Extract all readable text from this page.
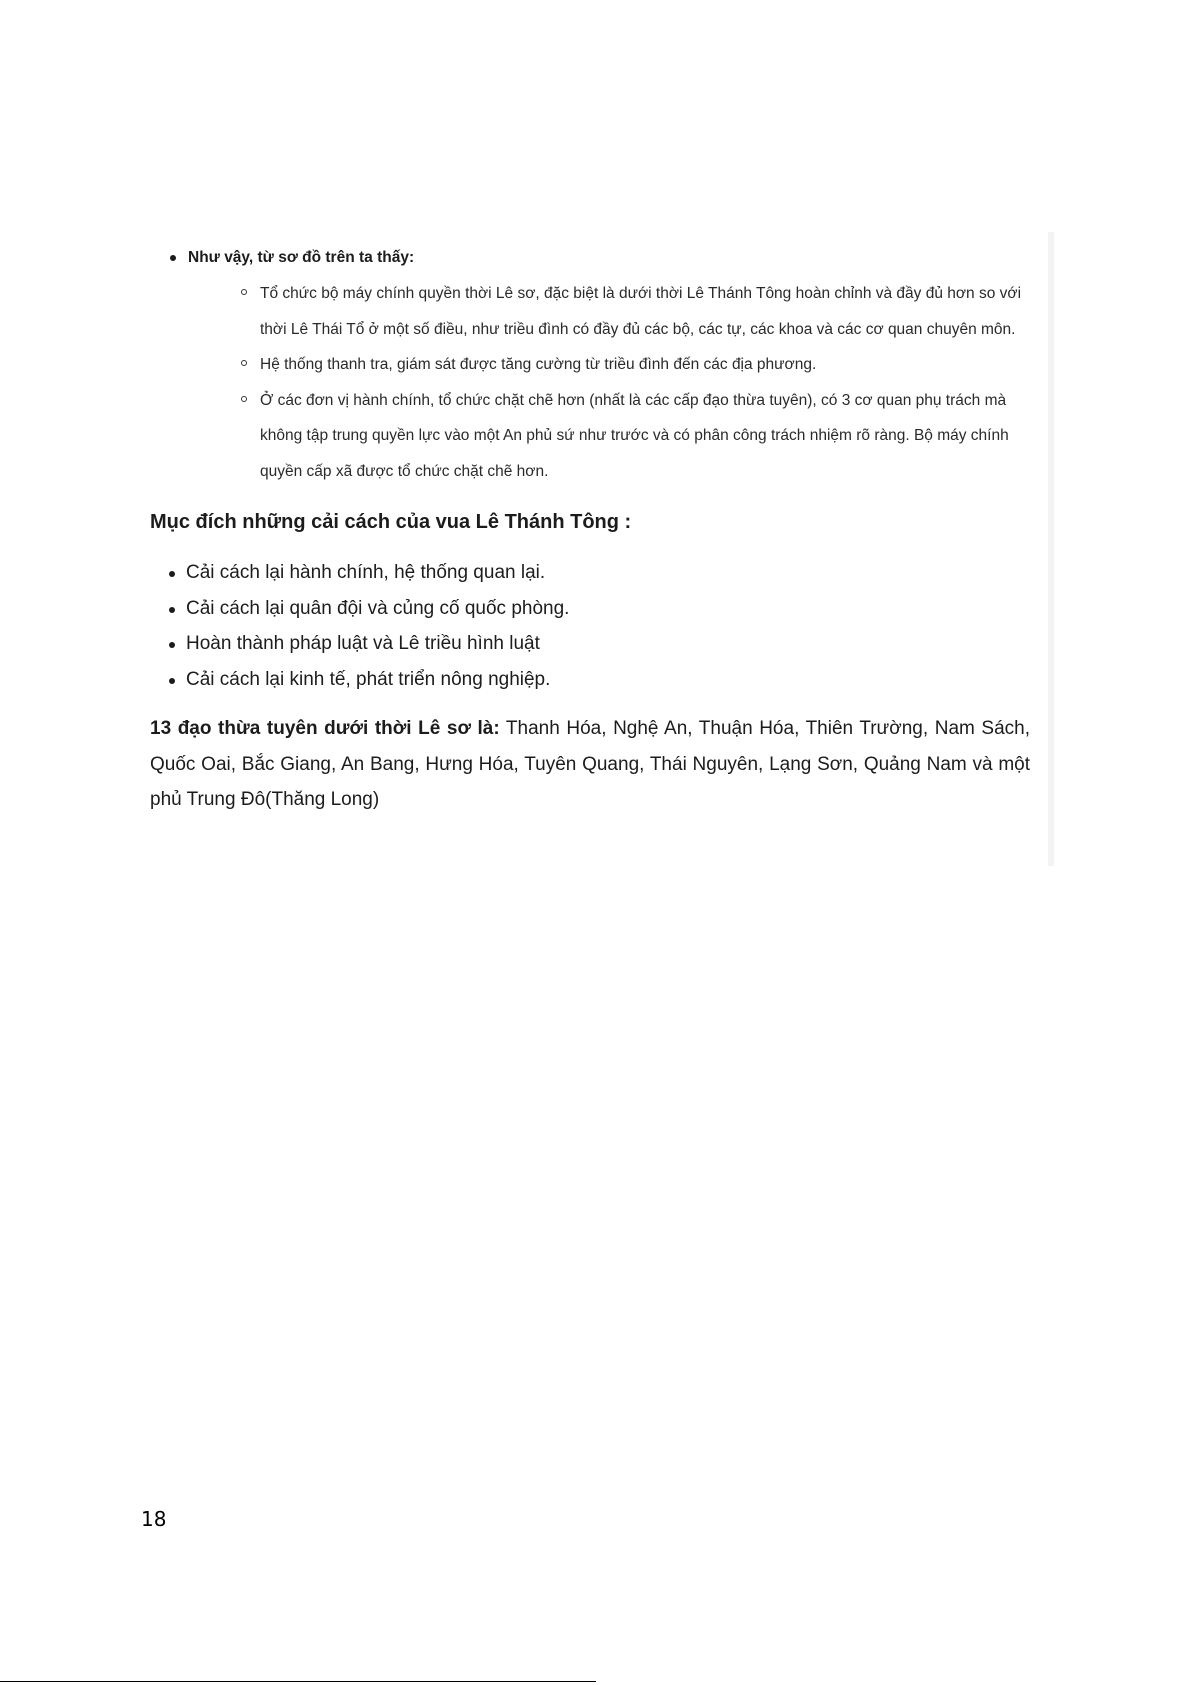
Như vậy, từ sơ đồ trên ta thấy:
Tổ chức bộ máy chính quyền thời Lê sơ, đặc biệt là dưới thời Lê Thánh Tông hoàn chỉnh và đầy đủ hơn so với thời Lê Thái Tổ ở một số điều, như triều đình có đầy đủ các bộ, các tự, các khoa và các cơ quan chuyên môn.
Hệ thống thanh tra, giám sát được tăng cường từ triều đình đến các địa phương.
Ở các đơn vị hành chính, tổ chức chặt chẽ hơn (nhất là các cấp đạo thừa tuyên), có 3 cơ quan phụ trách mà không tập trung quyền lực vào một An phủ sứ như trước và có phân công trách nhiệm rõ ràng. Bộ máy chính quyền cấp xã được tổ chức chặt chẽ hơn.
Mục đích những cải cách của vua Lê Thánh Tông :
Cải cách lại hành chính, hệ thống quan lại.
Cải cách lại quân đội và củng cố quốc phòng.
Hoàn thành pháp luật và Lê triều hình luật
Cải cách lại kinh tế, phát triển nông nghiệp.

13 đạo thừa tuyên dưới thời Lê sơ là: Thanh Hóa, Nghệ An, Thuận Hóa, Thiên Trường, Nam Sách, Quốc Oai, Bắc Giang, An Bang, Hưng Hóa, Tuyên Quang, Thái Nguyên, Lạng Sơn, Quảng Nam và một phủ Trung Đô(Thăng Long)

18
